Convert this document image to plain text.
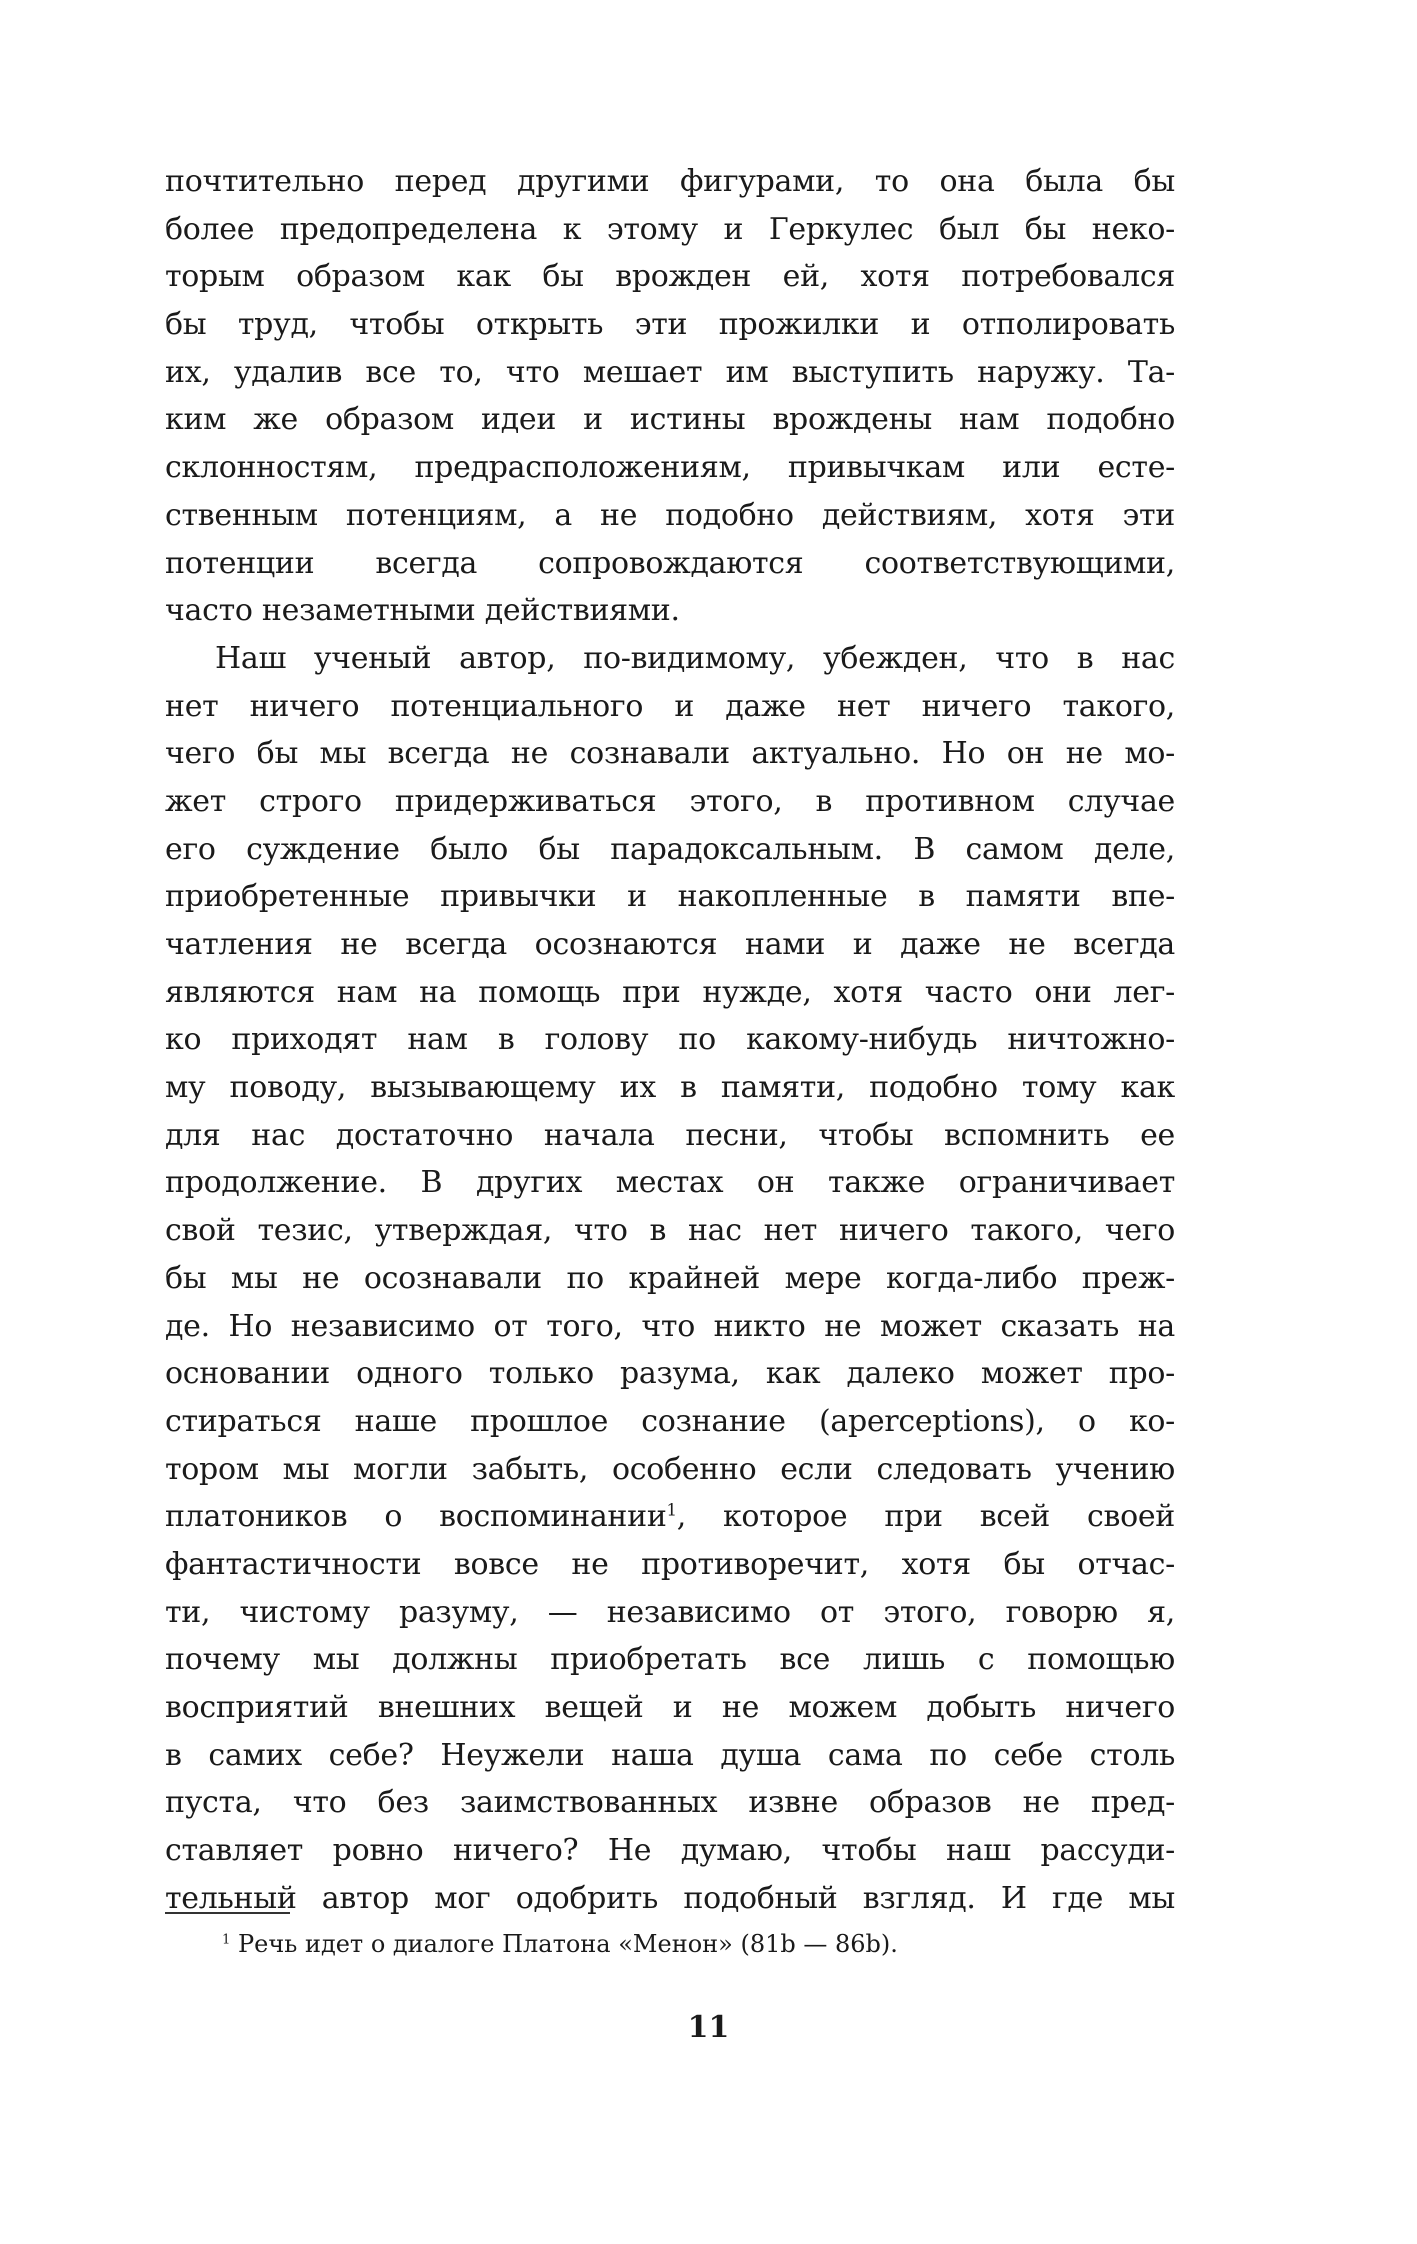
почтительно перед другими фигурами, то она была бы
более предопределена к этому и Геркулес был бы неко-
торым образом как бы врожден ей, хотя потребовался
бы труд, чтобы открыть эти прожилки и отполировать
их, удалив все то, что мешает им выступить наружу. Та-
ким же образом идеи и истины врождены нам подобно
склонностям, предрасположениям, привычкам или есте-
ственным потенциям, а не подобно действиям, хотя эти
потенции всегда сопровождаются соответствующими,
часто незаметными действиями.
Наш ученый автор, по-видимому, убежден, что в нас
нет ничего потенциального и даже нет ничего такого,
чего бы мы всегда не сознавали актуально. Но он не мо-
жет строго придерживаться этого, в противном случае
его суждение было бы парадоксальным. В самом деле,
приобретенные привычки и накопленные в памяти впе-
чатления не всегда осознаются нами и даже не всегда
являются нам на помощь при нужде, хотя часто они лег-
ко приходят нам в голову по какому-нибудь ничтожно-
му поводу, вызывающему их в памяти, подобно тому как
для нас достаточно начала песни, чтобы вспомнить ее
продолжение. В других местах он также ограничивает
свой тезис, утверждая, что в нас нет ничего такого, чего
бы мы не осознавали по крайней мере когда-либо преж-
де. Но независимо от того, что никто не может сказать на
основании одного только разума, как далеко может про-
стираться наше прошлое сознание (aperceptions), о ко-
тором мы могли забыть, особенно если следовать учению
платоников о воспоминании$^1$, которое при всей своей
фантастичности вовсе не противоречит, хотя бы отчас-
ти, чистому разуму, — независимо от этого, говорю я,
почему мы должны приобретать все лишь с помощью
восприятий внешних вещей и не можем добыть ничего
в самих себе? Неужели наша душа сама по себе столь
пуста, что без заимствованных извне образов не пред-
ставляет ровно ничего? Не думаю, чтобы наш рассуди-
тельный автор мог одобрить подобный взгляд. И где мы
$^1$ Речь идет о диалоге Платона «Менон» (81b — 86b).
11
